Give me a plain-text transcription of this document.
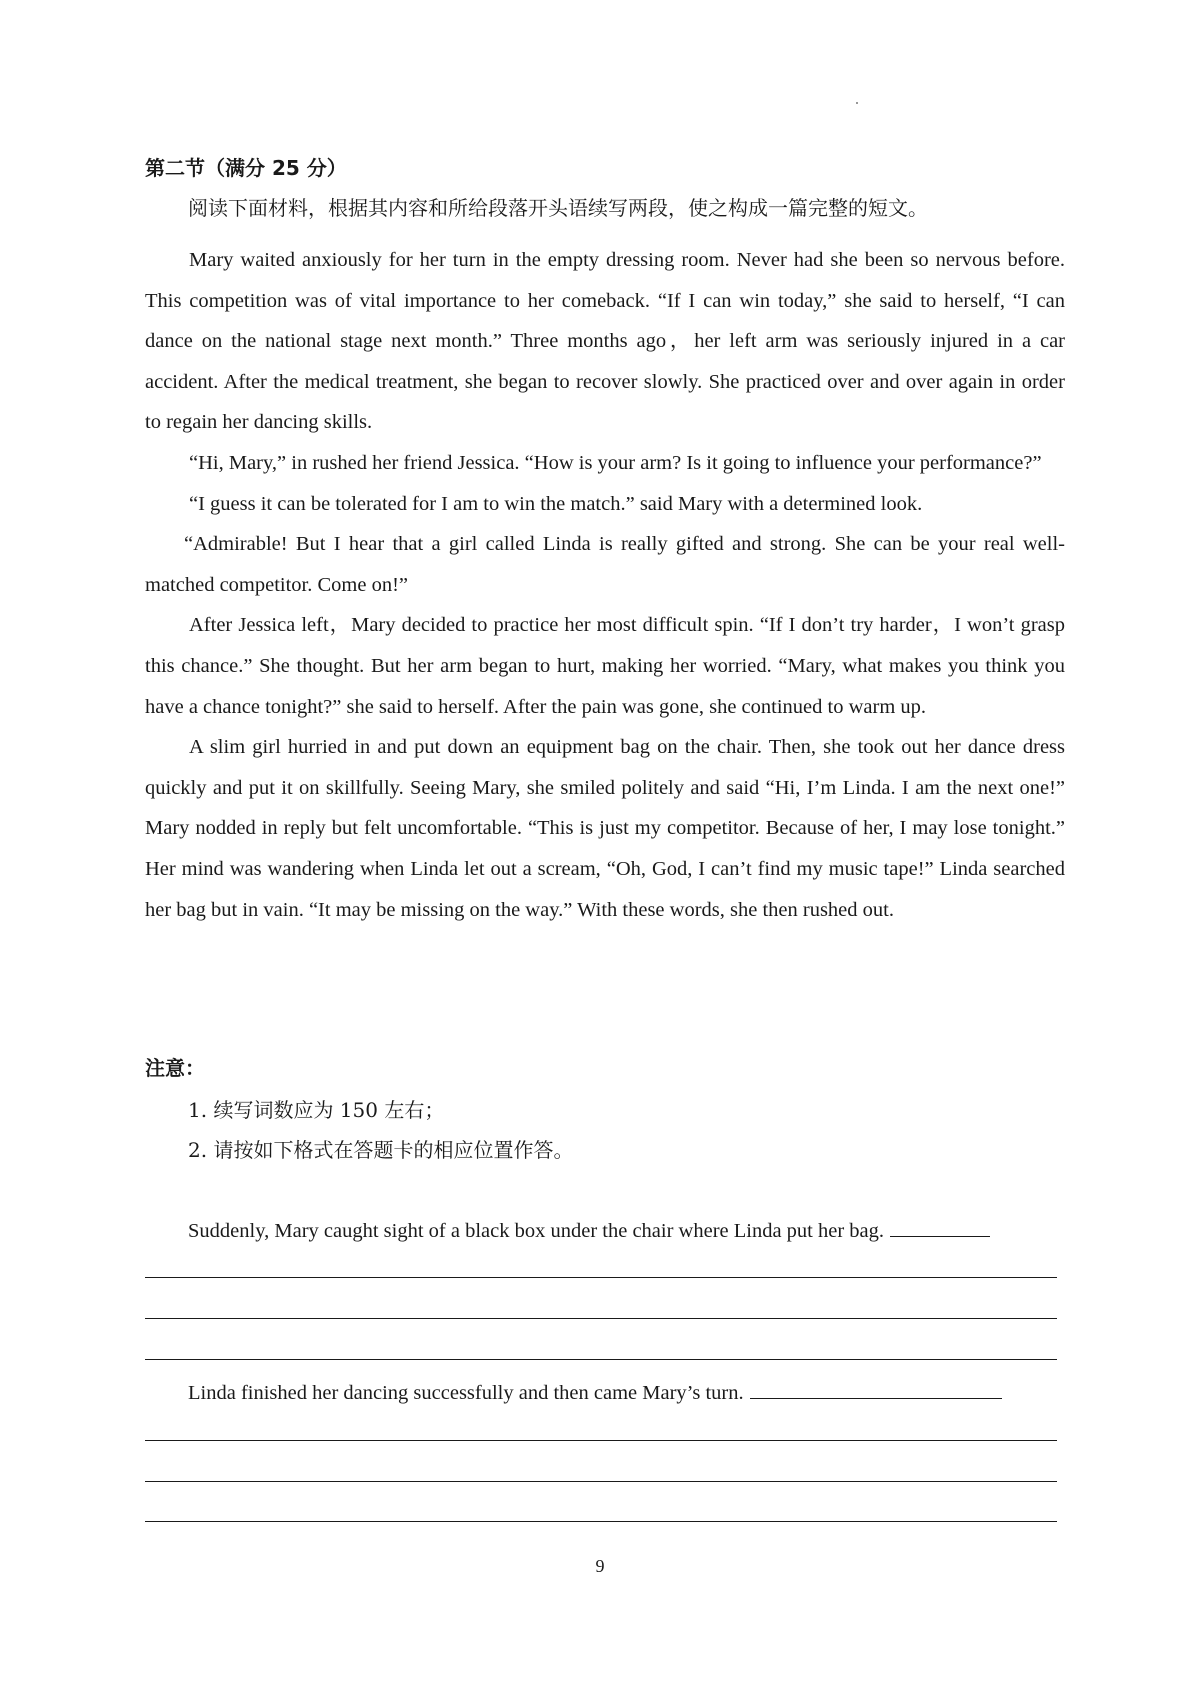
第二节（满分 25 分）
阅读下面材料，根据其内容和所给段落开头语续写两段，使之构成一篇完整的短文。

Mary waited anxiously for her turn in the empty dressing room. Never had she been so nervous before. This competition was of vital importance to her comeback. “If I can win today,” she said to herself, “I can dance on the national stage next month.” Three months ago，her left arm was seriously injured in a car accident. After the medical treatment, she began to recover slowly. She practiced over and over again in order to regain her dancing skills.

“Hi, Mary,” in rushed her friend Jessica. “How is your arm? Is it going to influence your performance?”

“I guess it can be tolerated for I am to win the match.” said Mary with a determined look.

“Admirable! But I hear that a girl called Linda is really gifted and strong. She can be your real well-matched competitor. Come on!”

After Jessica left，Mary decided to practice her most difficult spin. “If I don’t try harder，I won’t grasp this chance.” She thought. But her arm began to hurt, making her worried. “Mary, what makes you think you have a chance tonight?” she said to herself. After the pain was gone, she continued to warm up.

A slim girl hurried in and put down an equipment bag on the chair. Then, she took out her dance dress quickly and put it on skillfully. Seeing Mary, she smiled politely and said “Hi, I’m Linda. I am the next one!” Mary nodded in reply but felt uncomfortable. “This is just my competitor. Because of her, I may lose tonight.” Her mind was wandering when Linda let out a scream, “Oh, God, I can’t find my music tape!” Linda searched her bag but in vain. “It may be missing on the way.” With these words, she then rushed out.

注意：
1. 续写词数应为 150 左右；
2. 请按如下格式在答题卡的相应位置作答。
Suddenly, Mary caught sight of a black box under the chair where Linda put her bag.
Linda finished her dancing successfully and then came Mary’s turn.
9
